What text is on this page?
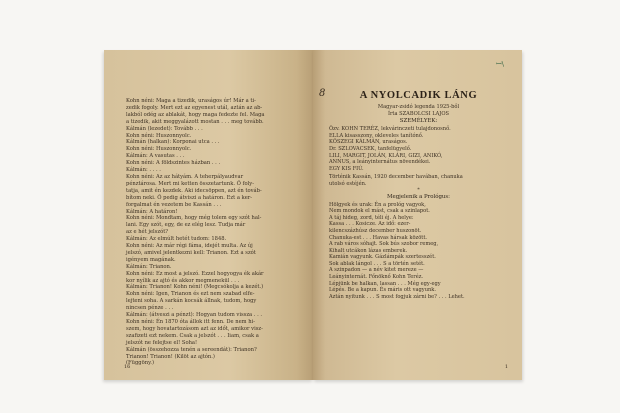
Kohn néni: Maga a tizedik, uraságos úr! Már a ti-
zedik fogoly. Mert ezt az egyenest utál, aztán az ab-
lakból odég az ablakát, hogy maga fedezte fel. Maga
a tizedik, akit meggyalázott mostan . . . meg tovább.
Kálmán (lezedet): Tovább . . .
Kohn néni: Huszonnyolc.
Kálmán (halkan): Korponai utca . . .
Kohn néni: Huszonnyolc.
Kálmán: A vasutas . . .
Kohn néni: A földszintes házban . . .
Kálmán: . . . .
Kohn néni: Az az hátyám. A teherpályaudvar
pénztárosa. Mert mi ketten összetartunk. Ő foly-
tatja, amit én kezdek. Aki idecsöppen, azt én továb-
bítom neki. Ő pedig átviszi a határon. Ezt a ker-
forgalmat én vezetem be Kassán . . .
Kálmán: A határon!
Kohn néni: Mondtam, hogy még tolem egy szót hal-
lani. Egy szót, egy, de ez elég lesz. Tudja már
az e hét jelszót?
Kálmán: Az elmúlt hetét tudom: 1848.
Kohn néni: Az már régi fáma, idejét multa. Az új
jelszó, amivel jelentkezni kell: Trianon. Ezt a szót
igényem magának.
Kálmán: Trianon.
Kohn néni: Ez most a jelszó. Ezzel hogyogya ék akár
kor nyílik az ajtó és akkor megmenekül . . .
Kálmán: Trianon! Kohn néni! (Megcsókolja a kezét.)
Kohn néni: Igen, Trianon és ezt nem szabad elfe-
lejteni soha. A sarkán kocsák állnak, tudom, hogy
nincsen pénze . . .
Kálmán: (átveszi a pénzt): Hogyan tudom vissza . . .
Kohn néni: Én 1870 óta állok itt fenn. De nem hi-
szem, hogy hovatartozásom azt az időt, amikor visz-
szafizeti ezt nekem. Csak a jelszót . . . Iiam, csak a
jelszót ne felejtse el! Soha!
Kálmán (összehozza tenén a sereendát): Trianon?
Trianon! Trianon! (Kilöt az ajtón.)
(Függöny.)
16
ꟷ\
8	A NYOLCADIK LÁNG
Magyar-zsidó legenda 1925-ből
Írta SZABOLCSI LAJOS
SZEMÉLYEK:
Özv. KOHN TERÉZ, lekvárinczeti tulajdonosnő.
ELLA kisasszony, okleveles tanítónő.
KŐSZEGI KÁLMÁN, uraságos.
Dr. SZLOVACSEK, tanfelügyelő.
LILI, MARGIT, JOLÁN, KLÁRI, GIZI, ANIKÓ,
ANNUS, a leányinternátus növendékei.
EGY KIS FIÚ.
Történik Kassán, 1920 december havában, chanuka
utolsó estéjén.
*
Megjelenik a Prológus:
Hölgyek és urak: Én a prológ vagyok,
Nem mondok el mást, csak a szinlapot.
A táj hideg, zord, téli éj. A helye:
Kassa . . . Kosicze. Az idő: ezer-
kilencszázhúsz december huszonöt.
Chanuka-est . . . Havas hársak között.
A rab város sóhajt. Sok bús szobor remeg,
Kihalt utcákon lázas emberek.
Kamián vagyunk. Gázlámpák szertesszét.
Sok ablak lángol . . . S a történ setét.
A szinpadon — a név kitet mereze —
Leányinternát. Főnöknő Kohn Teréz.
Lépjünk be halkan, lassan . . . Még egy-egy
Lépés. Be a kapun. És máris ott vagyunk.
Aztán nyitunk . . . S most fogjuk zárni be? . . . Lehet.
1
